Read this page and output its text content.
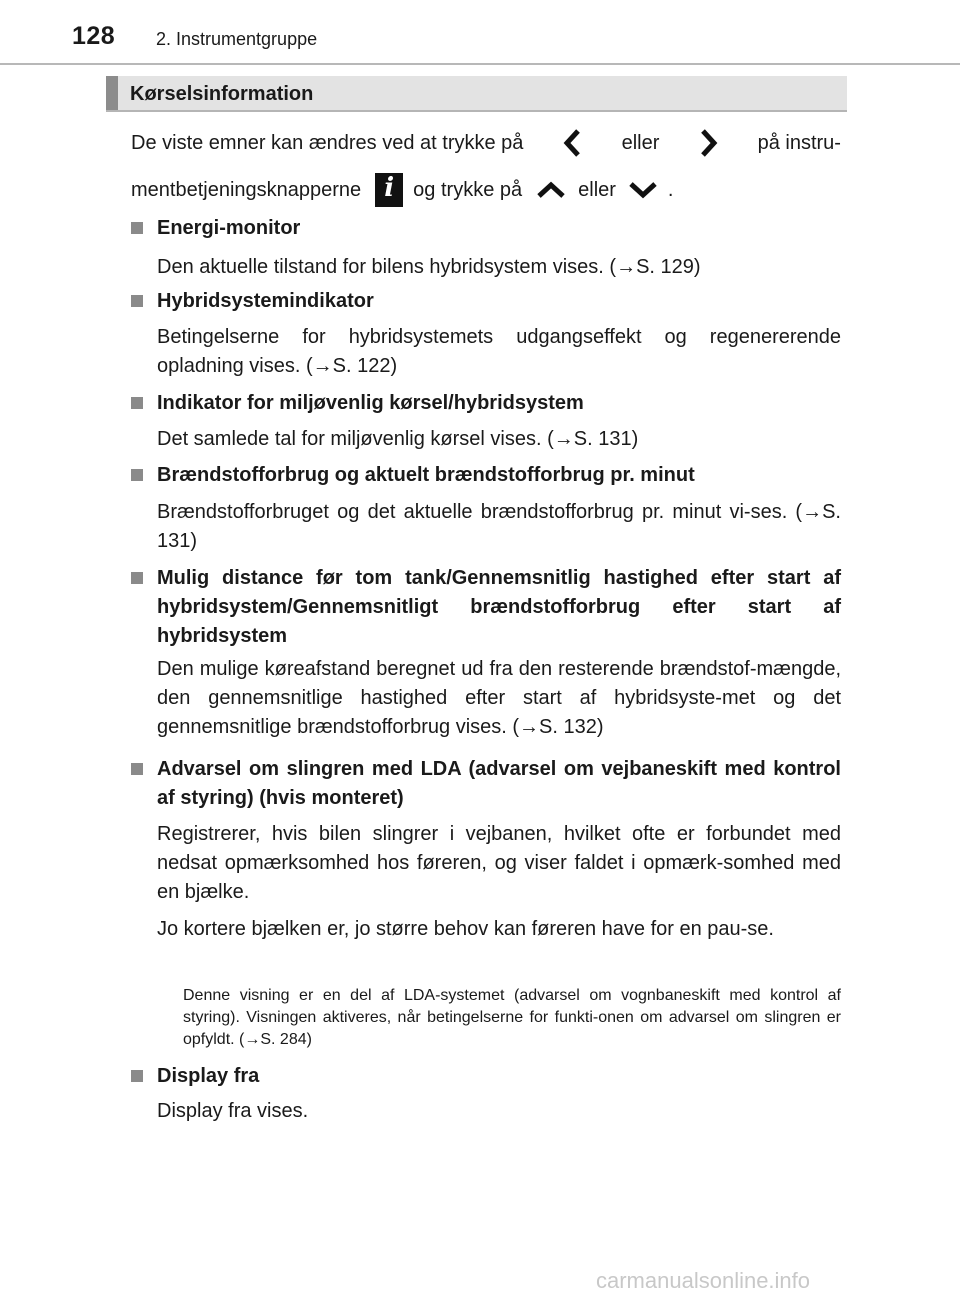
128 2. Instrumentgruppe
Kørselsinformation
De viste emner kan ændres ved at trykke på	eller	på instru-
mentbetjeningsknapperne i og trykke på	eller	.
Energi-monitor
Den aktuelle tilstand for bilens hybridsystem vises. (→S. 129)
Hybridsystemindikator
Betingelserne for hybridsystemets udgangseffekt og regenererende opladning vises. (→S. 122)
Indikator for miljøvenlig kørsel/hybridsystem
Det samlede tal for miljøvenlig kørsel vises. (→S. 131)
Brændstofforbrug og aktuelt brændstofforbrug pr. minut
Brændstofforbruget og det aktuelle brændstofforbrug pr. minut vi-ses. (→S. 131)
Mulig distance før tom tank/Gennemsnitlig hastighed efter start af hybridsystem/Gennemsnitligt brændstofforbrug efter start af hybridsystem
Den mulige køreafstand beregnet ud fra den resterende brændstof-mængde, den gennemsnitlige hastighed efter start af hybridsyste-met og det gennemsnitlige brændstofforbrug vises. (→S. 132)
Advarsel om slingren med LDA (advarsel om vejbaneskift med kontrol af styring) (hvis monteret)
Registrerer, hvis bilen slingrer i vejbanen, hvilket ofte er forbundet med nedsat opmærksomhed hos føreren, og viser faldet i opmærk-somhed med en bjælke.
Jo kortere bjælken er, jo større behov kan føreren have for en pau-se.
Denne visning er en del af LDA-systemet (advarsel om vognbaneskift med kontrol af styring). Visningen aktiveres, når betingelserne for funkti-onen om advarsel om slingren er opfyldt. (→S. 284)
Display fra
Display fra vises.
carmanualsonline.info
